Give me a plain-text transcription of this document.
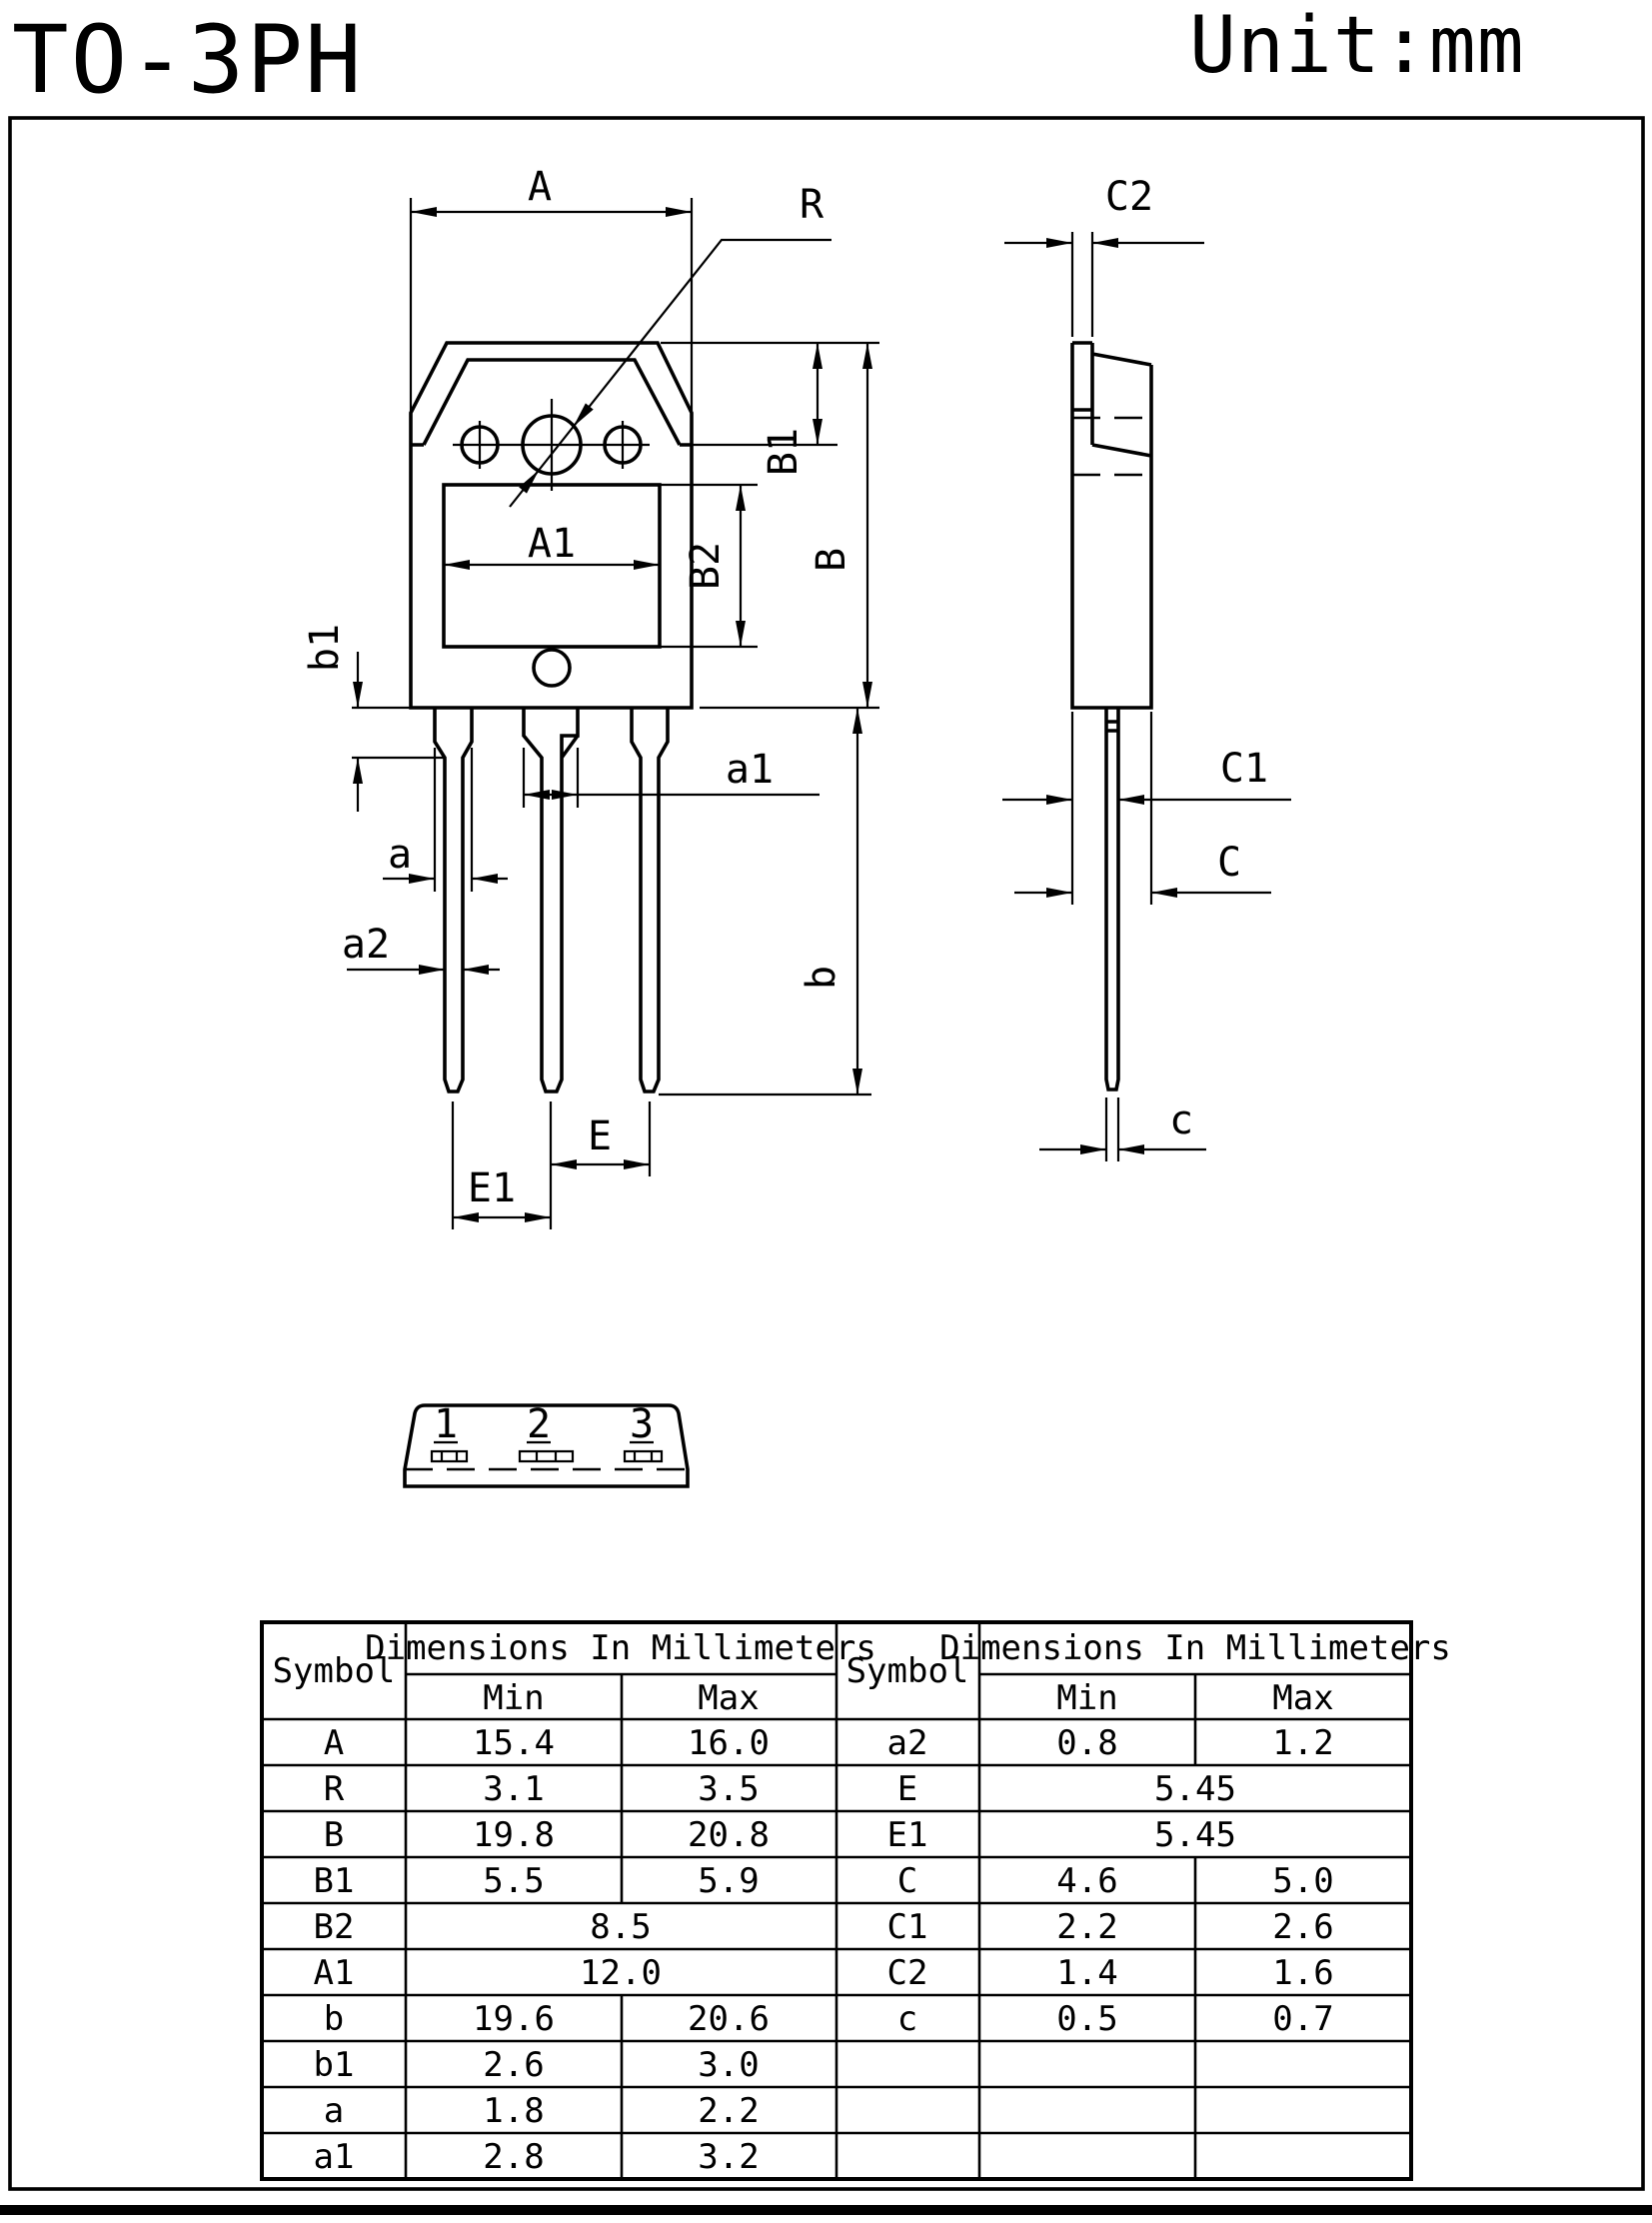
TO-3PH	Unit:mm
A	R
B1
B
B2
A1
b1
b
a
a2
a1
E
E1
C2
C1
C
c
1 2 3
Symbol
Dimensions In Millimeters
Min	Max
Symbol
Dimensions In Millimeters
Min	Max
A	15.4	16.0
R	3.1	3.5
B	19.8	20.8
B1	5.5	5.9
B2	8.5
A1	12.0
b	19.6	20.6
b1	2.6	3.0
a	1.8	2.2
a1	2.8	3.2
a2	0.8	1.2
E	5.45
E1	5.45
C	4.6	5.0
C1	2.2	2.6
C2	1.4	1.6
c	0.5	0.7
